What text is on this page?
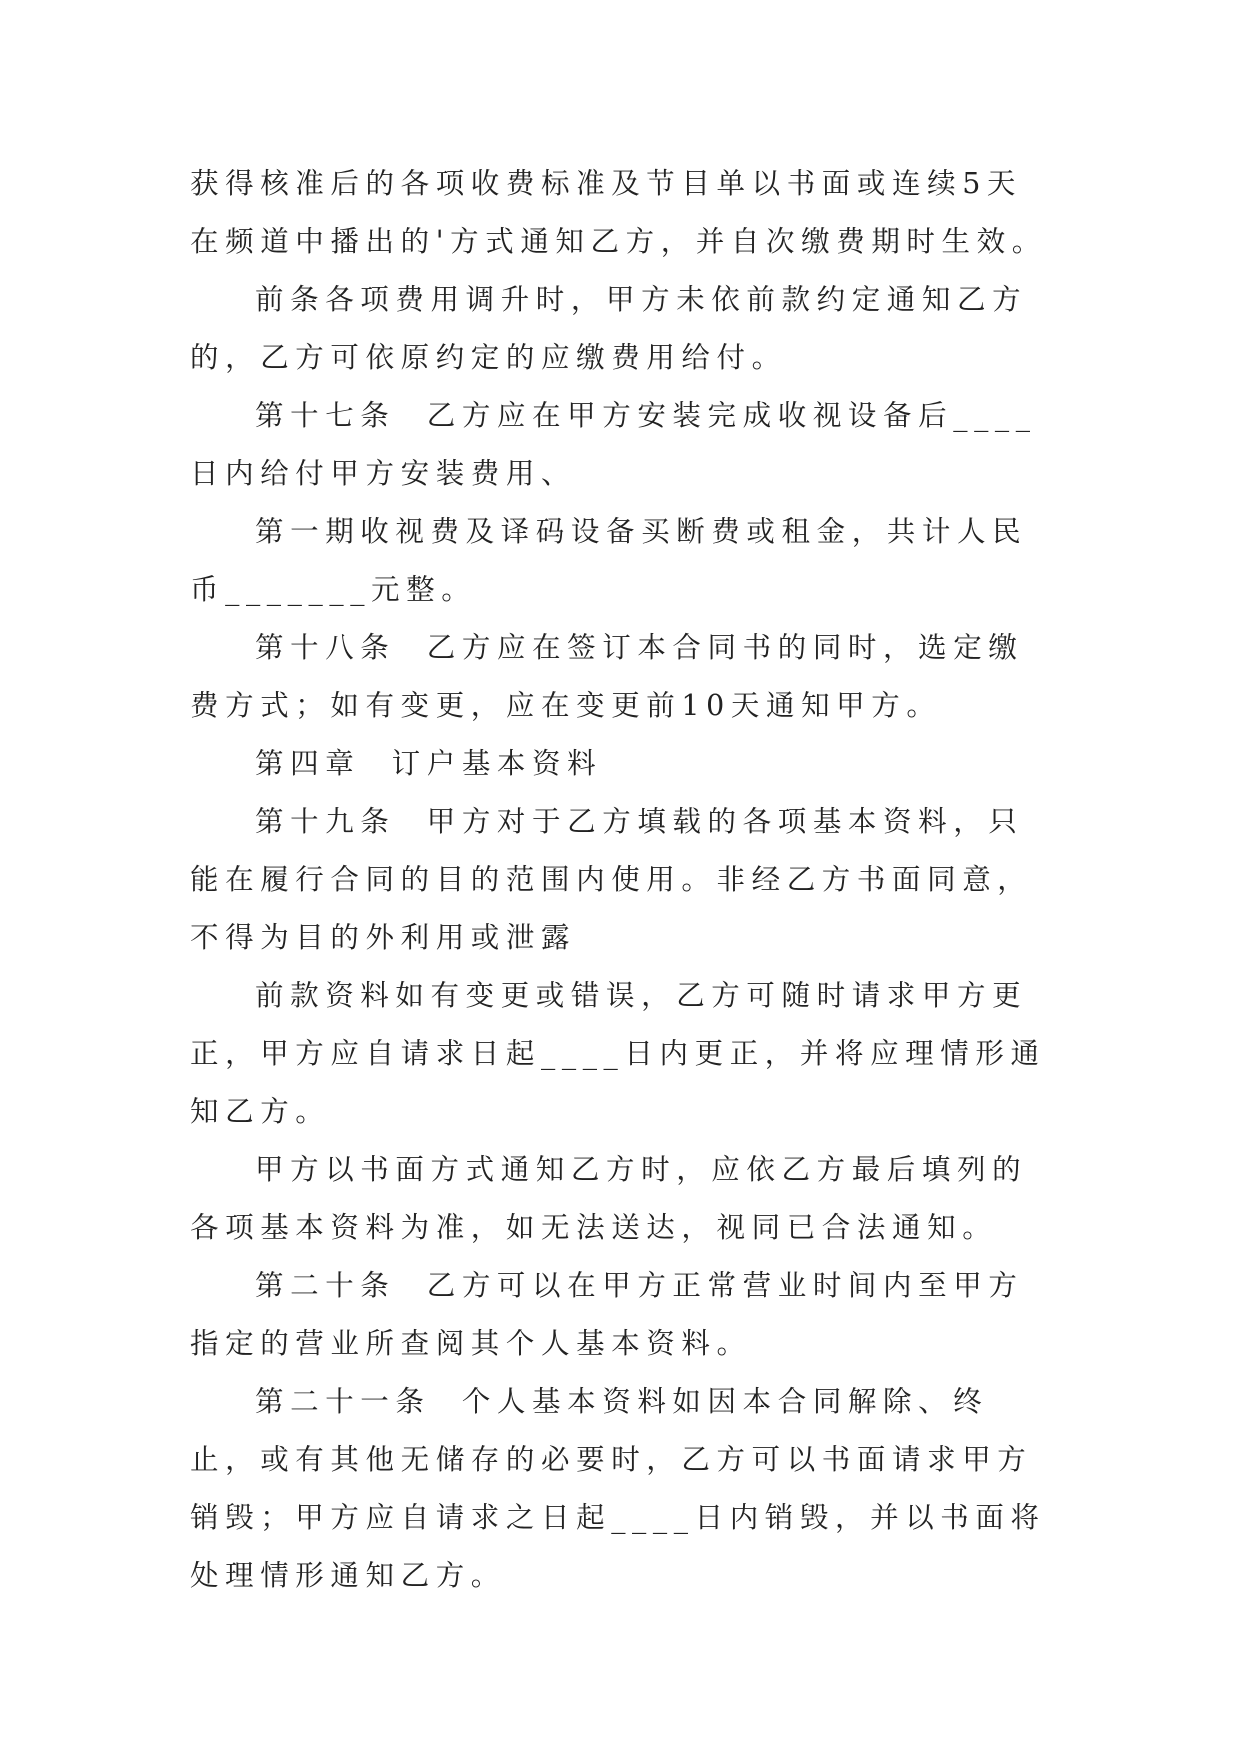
获得核准后的各项收费标准及节目单以书面或连续5天在频道中播出的'方式通知乙方，并自次缴费期时生效。

前条各项费用调升时，甲方未依前款约定通知乙方的，乙方可依原约定的应缴费用给付。

第十七条  乙方应在甲方安装完成收视设备后____日内给付甲方安装费用、

第一期收视费及译码设备买断费或租金，共计人民币_______元整。

第十八条  乙方应在签订本合同书的同时，选定缴费方式；如有变更，应在变更前10天通知甲方。

第四章  订户基本资料

第十九条  甲方对于乙方填载的各项基本资料，只能在履行合同的目的范围内使用。非经乙方书面同意，不得为目的外利用或泄露

前款资料如有变更或错误，乙方可随时请求甲方更正，甲方应自请求日起____日内更正，并将应理情形通知乙方。

甲方以书面方式通知乙方时，应依乙方最后填列的各项基本资料为准，如无法送达，视同已合法通知。

第二十条  乙方可以在甲方正常营业时间内至甲方指定的营业所查阅其个人基本资料。

第二十一条  个人基本资料如因本合同解除、终止，或有其他无储存的必要时，乙方可以书面请求甲方销毁；甲方应自请求之日起____日内销毁，并以书面将处理情形通知乙方。
